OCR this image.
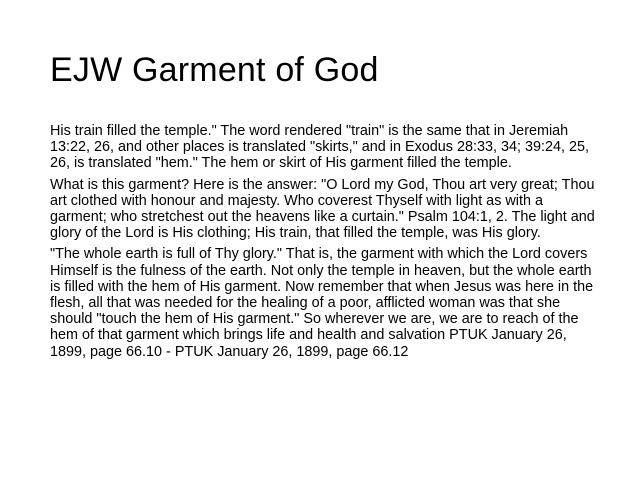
EJW Garment of God

His train filled the temple." The word rendered "train" is the same that in Jeremiah 13:22, 26, and other places is translated "skirts," and in Exodus 28:33, 34; 39:24, 25, 26, is translated "hem." The hem or skirt of His garment filled the temple.

What is this garment? Here is the answer: "O Lord my God, Thou art very great; Thou art clothed with honour and majesty. Who coverest Thyself with light as with a garment; who stretchest out the heavens like a curtain." Psalm 104:1, 2. The light and glory of the Lord is His clothing; His train, that filled the temple, was His glory.

"The whole earth is full of Thy glory." That is, the garment with which the Lord covers Himself is the fulness of the earth. Not only the temple in heaven, but the whole earth is filled with the hem of His garment. Now remember that when Jesus was here in the flesh, all that was needed for the healing of a poor, afflicted woman was that she should "touch the hem of His garment." So wherever we are, we are to reach of the hem of that garment which brings life and health and salvation PTUK January 26, 1899, page 66.10 - PTUK January 26, 1899, page 66.12
